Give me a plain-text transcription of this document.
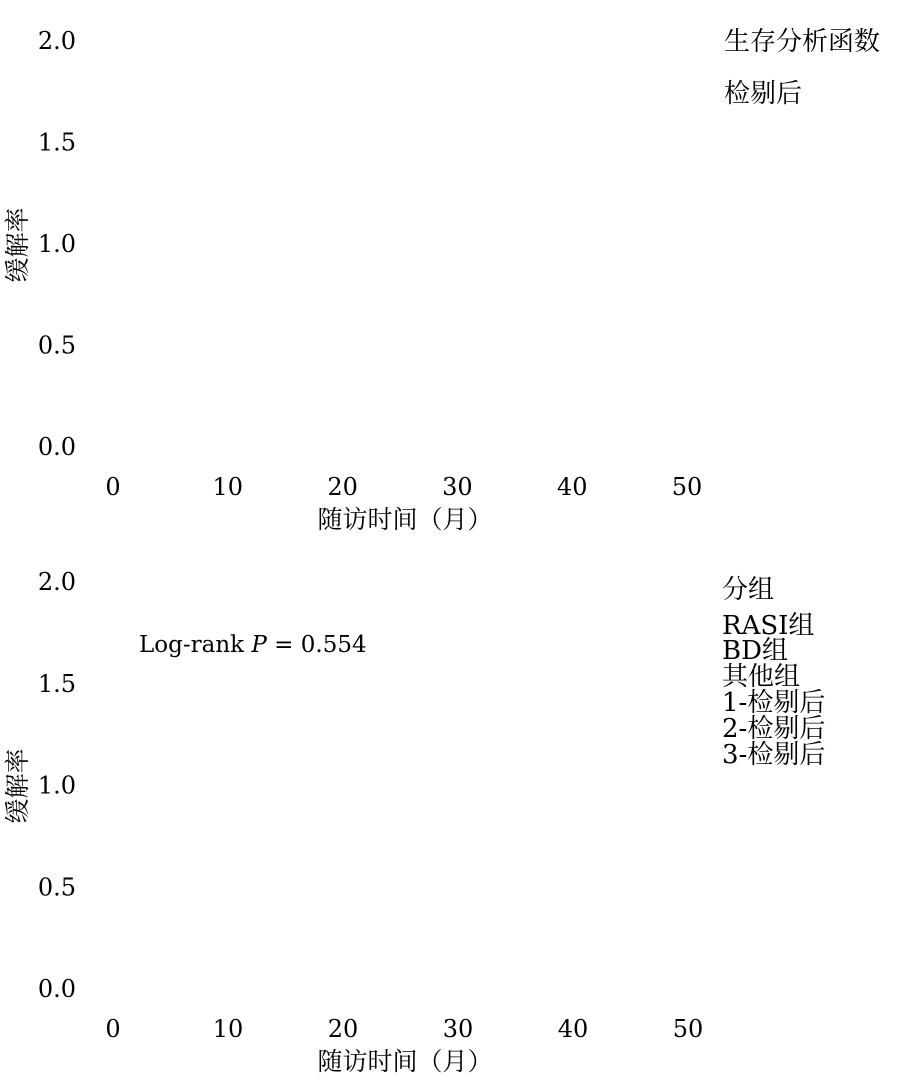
0.0
0.5
1.0
1.5
2.0
0	10	20	30	40	50
随访时间（月）
缓解率
生存分析函数
检剔后
0.0
0.5
1.0
1.5
2.0
0	10	20	30	40	50
随访时间（月）
缓解率
Log-rank P = 0.554
分组
RASI组
BD组
其他组
1-检剔后
2-检剔后
3-检剔后
